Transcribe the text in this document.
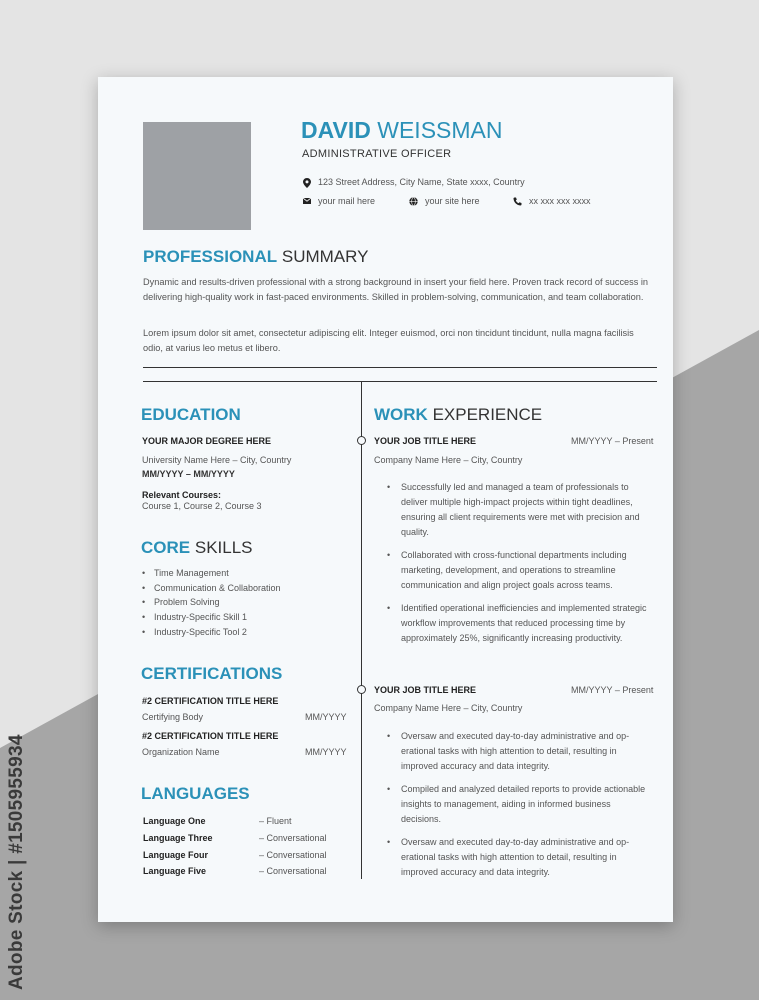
Adobe Stock | #1505955934
DAVID WEISSMAN
ADMINISTRATIVE OFFICER
123 Street Address, City Name, State xxxx, Country
your mail here	your site here	xx xxx xxx xxxx
PROFESSIONAL SUMMARY
Dynamic and results-driven professional with a strong background in insert your field here. Proven track record of success in delivering high-quality work in fast-paced environments. Skilled in problem-solving, communication, and team collaboration.
Lorem ipsum dolor sit amet, consectetur adipiscing elit. Integer euismod, orci non tincidunt tincidunt, nulla magna facilisis odio, at varius leo metus et libero.
EDUCATION
YOUR MAJOR DEGREE HERE
University Name Here – City, Country
MM/YYYY – MM/YYYY
Relevant Courses:
Course 1, Course 2, Course 3
CORE SKILLS
• Time Management
• Communication & Collaboration
• Problem Solving
• Industry-Specific Skill 1
• Industry-Specific Tool 2
CERTIFICATIONS
#2 CERTIFICATION TITLE HERE
Certifying Body	MM/YYYY
#2 CERTIFICATION TITLE HERE
Organization Name	MM/YYYY
LANGUAGES
Language One	– Fluent
Language Three	– Conversational
Language Four	– Conversational
Language Five	– Conversational
WORK EXPERIENCE
YOUR JOB TITLE HERE	MM/YYYY – Present
Company Name Here – City, Country
• Successfully led and managed a team of professionals to deliver multiple high-impact projects within tight deadlines, ensuring all client requirements were met with precision and quality.
• Collaborated with cross-functional departments including marketing, development, and operations to streamline communication and align project goals across teams.
• Identified operational inefficiencies and implemented strategic workflow improvements that reduced processing time by approximately 25%, significantly increasing productivity.
YOUR JOB TITLE HERE	MM/YYYY – Present
Company Name Here – City, Country
• Oversaw and executed day-to-day administrative and operational tasks with high attention to detail, resulting in improved accuracy and data integrity.
• Compiled and analyzed detailed reports to provide actionable insights to management, aiding in informed business decisions.
• Oversaw and executed day-to-day administrative and operational tasks with high attention to detail, resulting in improved accuracy and data integrity.
